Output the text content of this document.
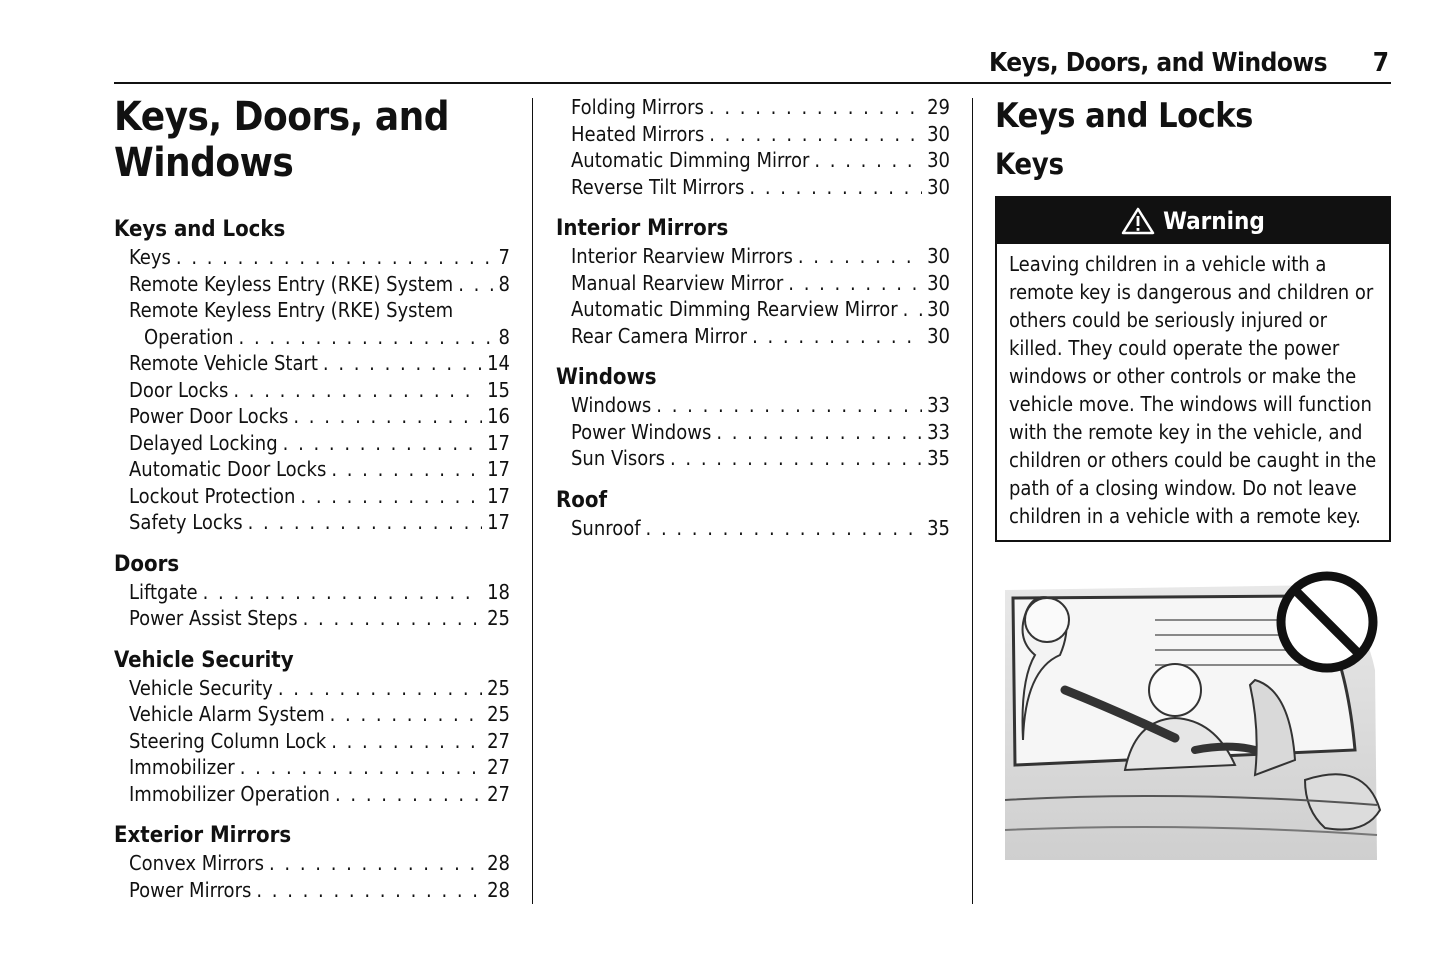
Keys, Doors, and Windows 7
Keys, Doors, and Windows
Keys and Locks
Keys . . .	7
Remote Keyless Entry (RKE) System . . . 8
Remote Keyless Entry (RKE) System
Operation . . .	8
Remote Vehicle Start . . .	14
Door Locks . . .	15
Power Door Locks . . .	16
Delayed Locking . . .	17
Automatic Door Locks . . .	17
Lockout Protection . . .	17
Safety Locks . . .	17
Doors
Liftgate . . .	18
Power Assist Steps . . .	25
Vehicle Security
Vehicle Security . . .	25
Vehicle Alarm System . . .	25
Steering Column Lock . . .	27
Immobilizer . . .	27
Immobilizer Operation . . .	27
Exterior Mirrors
Convex Mirrors . . .	28
Power Mirrors . . .	28
Folding Mirrors . . .	29
Heated Mirrors . . .	30
Automatic Dimming Mirror . . .	30
Reverse Tilt Mirrors . . .	30
Interior Mirrors
Interior Rearview Mirrors . . .	30
Manual Rearview Mirror . . .	30
Automatic Dimming Rearview Mirror . . . 30
Rear Camera Mirror . . .	30
Windows
Windows . . .	33
Power Windows . . .	33
Sun Visors . . .	35
Roof
Sunroof . . .	35
Keys and Locks
Keys
Warning
Leaving children in a vehicle with a remote key is dangerous and children or others could be seriously injured or killed. They could operate the power windows or other controls or make the vehicle move. The windows will function with the remote key in the vehicle, and children or others could be caught in the path of a closing window. Do not leave children in a vehicle with a remote key.
